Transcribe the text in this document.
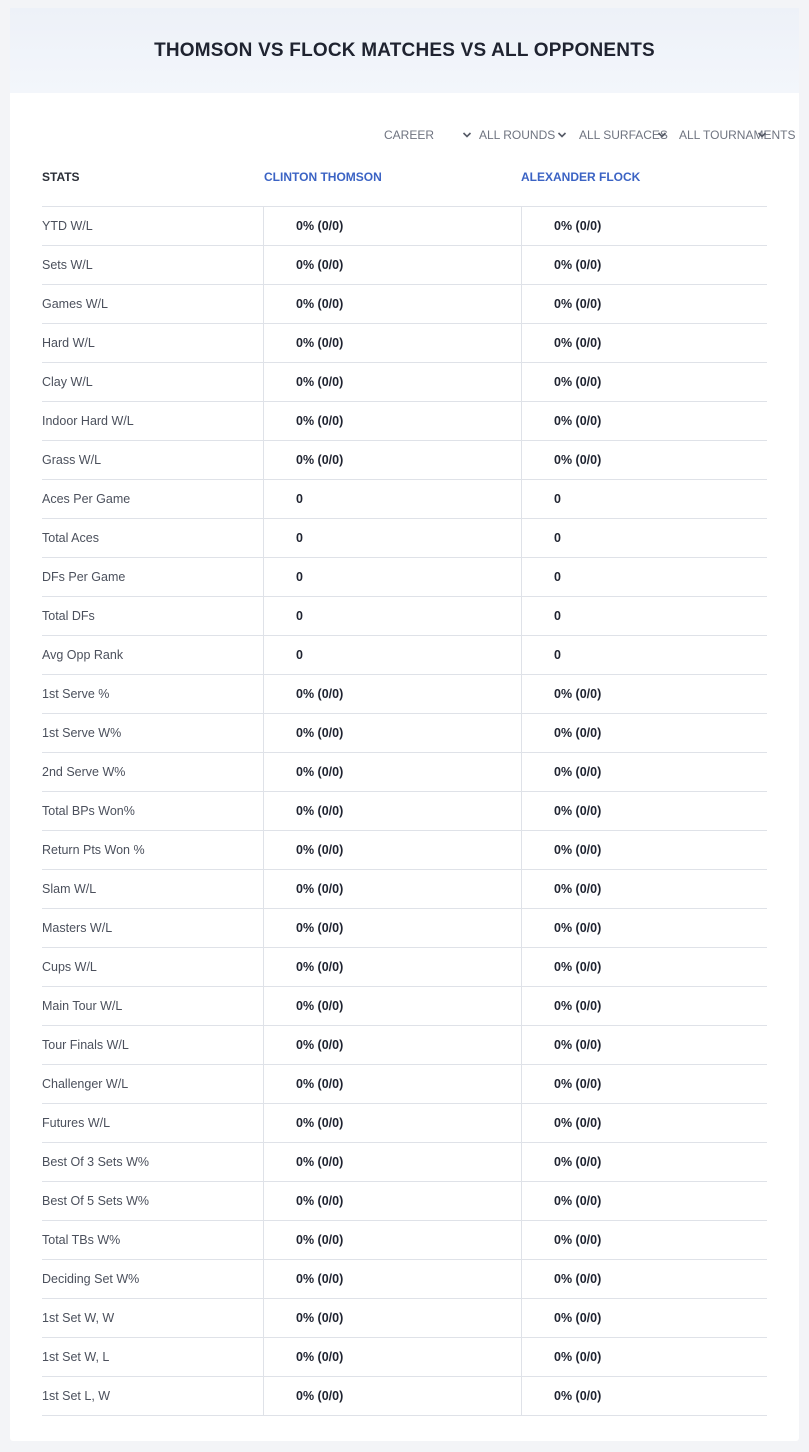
THOMSON VS FLOCK MATCHES VS ALL OPPONENTS
CAREER	ALL ROUNDS ALL SURFACES ALL TOURNAMENTS
STATS	CLINTON THOMSON	ALEXANDER FLOCK
YTD W/L	0% (0/0)	0% (0/0)
Sets W/L	0% (0/0)	0% (0/0)
Games W/L	0% (0/0)	0% (0/0)
Hard W/L	0% (0/0)	0% (0/0)
Clay W/L	0% (0/0)	0% (0/0)
Indoor Hard W/L	0% (0/0)	0% (0/0)
Grass W/L	0% (0/0)	0% (0/0)
Aces Per Game	0	0
Total Aces	0	0
DFs Per Game	0	0
Total DFs	0	0
Avg Opp Rank	0	0
1st Serve %	0% (0/0)	0% (0/0)
1st Serve W%	0% (0/0)	0% (0/0)
2nd Serve W%	0% (0/0)	0% (0/0)
Total BPs Won%	0% (0/0)	0% (0/0)
Return Pts Won %	0% (0/0)	0% (0/0)
Slam W/L	0% (0/0)	0% (0/0)
Masters W/L	0% (0/0)	0% (0/0)
Cups W/L	0% (0/0)	0% (0/0)
Main Tour W/L	0% (0/0)	0% (0/0)
Tour Finals W/L	0% (0/0)	0% (0/0)
Challenger W/L	0% (0/0)	0% (0/0)
Futures W/L	0% (0/0)	0% (0/0)
Best Of 3 Sets W%	0% (0/0)	0% (0/0)
Best Of 5 Sets W%	0% (0/0)	0% (0/0)
Total TBs W%	0% (0/0)	0% (0/0)
Deciding Set W%	0% (0/0)	0% (0/0)
1st Set W, W	0% (0/0)	0% (0/0)
1st Set W, L	0% (0/0)	0% (0/0)
1st Set L, W	0% (0/0)	0% (0/0)
